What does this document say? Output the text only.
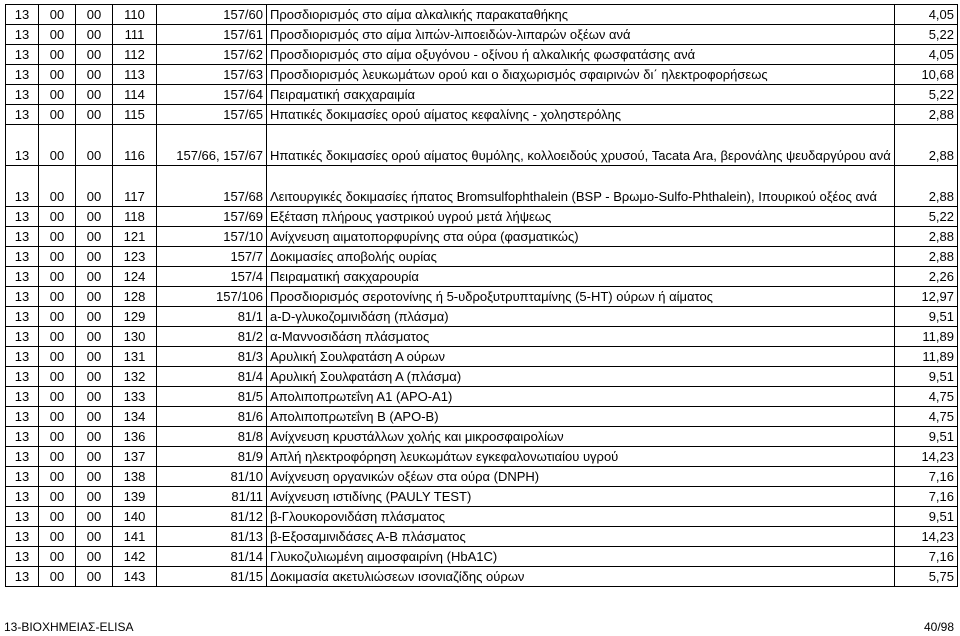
13	00	00	110	157/60	Προσδιορισμός στο αίμα αλκαλικής παρακαταθήκης	4,05
13	00	00	111	157/61	Προσδιορισμός στο αίμα λιπών-λιποειδών-λιπαρών οξέων ανά	5,22
13	00	00	112	157/62	Προσδιορισμός στο αίμα οξυγόνου - οξίνου ή αλκαλικής φωσφατάσης ανά	4,05
13	00	00	113	157/63	Προσδιορισμός λευκωμάτων ορού και ο διαχωρισμός σφαιρινών δι΄ ηλεκτροφορήσεως	10,68
13	00	00	114	157/64	Πειραματική σακχαραιμία	5,22
13	00	00	115	157/65	Ηπατικές δοκιμασίες ορού αίματος κεφαλίνης - χοληστερόλης	2,88
13	00	00	116	157/66, 157/67	Ηπατικές δοκιμασίες ορού αίματος θυμόλης, κολλοειδούς χρυσού, Tacata Ara, βερονάλης ψευδαργύρου ανά	2,88
13	00	00	117	157/68	Λειτουργικές δοκιμασίες ήπατος Bromsulfophthalein (BSP - Βρωμο-Sulfo-Phthalein), Ιπουρικού οξέος ανά	2,88
13	00	00	118	157/69	Εξέταση πλήρους γαστρικού υγρού μετά λήψεως	5,22
13	00	00	121	157/10	Ανίχνευση αιματοπορφυρίνης στα ούρα (φασματικώς)	2,88
13	00	00	123	157/7	Δοκιμασίες αποβολής ουρίας	2,88
13	00	00	124	157/4	Πειραματική σακχαρουρία	2,26
13	00	00	128	157/106	Προσδιορισμός σεροτονίνης ή 5-υδροξυτρυπταμίνης (5-ΗΤ) ούρων ή αίματος	12,97
13	00	00	129	81/1	a-D-γλυκοζομινιδάση (πλάσμα)	9,51
13	00	00	130	81/2	α-Μαννοσιδάση πλάσματος	11,89
13	00	00	131	81/3	Αρυλική Σουλφατάση Α ούρων	11,89
13	00	00	132	81/4	Αρυλική Σουλφατάση Α (πλάσμα)	9,51
13	00	00	133	81/5	Απολιποπρωτεΐνη Α1 (APO-A1)	4,75
13	00	00	134	81/6	Απολιποπρωτεΐνη Β (APO-B)	4,75
13	00	00	136	81/8	Ανίχνευση κρυστάλλων χολής και μικροσφαιρολίων	9,51
13	00	00	137	81/9	Απλή ηλεκτροφόρηση λευκωμάτων εγκεφαλονωτιαίου υγρού	14,23
13	00	00	138	81/10	Ανίχνευση οργανικών οξέων στα ούρα (DNPH)	7,16
13	00	00	139	81/11	Ανίχνευση ιστιδίνης (PAULY TEST)	7,16
13	00	00	140	81/12	β-Γλουκορονιδάση πλάσματος	9,51
13	00	00	141	81/13	β-Εξοσαμινιδάσες Α-Β πλάσματος	14,23
13	00	00	142	81/14	Γλυκοζυλιωμένη αιμοσφαιρίνη (HbA1C)	7,16
13	00	00	143	81/15	Δοκιμασία ακετυλιώσεων ισονιαζίδης ούρων	5,75
13-ΒΙΟΧΗΜΕΙΑΣ-ELISA	40/98
